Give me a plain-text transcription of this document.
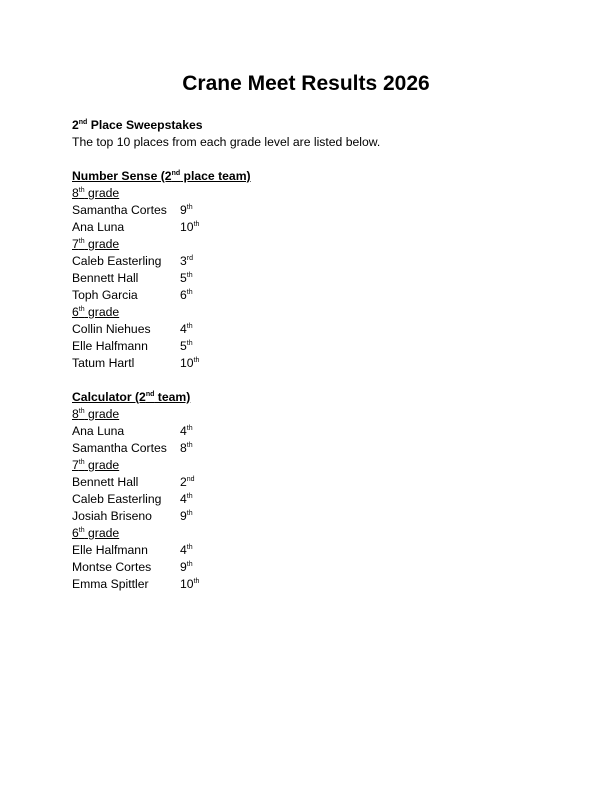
Crane Meet Results 2026
2nd Place Sweepstakes
The top 10 places from each grade level are listed below.
Number Sense (2nd place team)
8th grade
Samantha Cortes	9th
Ana Luna	10th
7th grade
Caleb Easterling	3rd
Bennett Hall	5th
Toph Garcia	6th
6th grade
Collin Niehues	4th
Elle Halfmann	5th
Tatum Hartl	10th
Calculator (2nd team)
8th grade
Ana Luna	4th
Samantha Cortes	8th
7th grade
Bennett Hall	2nd
Caleb Easterling	4th
Josiah Briseno	9th
6th grade
Elle Halfmann	4th
Montse Cortes	9th
Emma Spittler	10th
